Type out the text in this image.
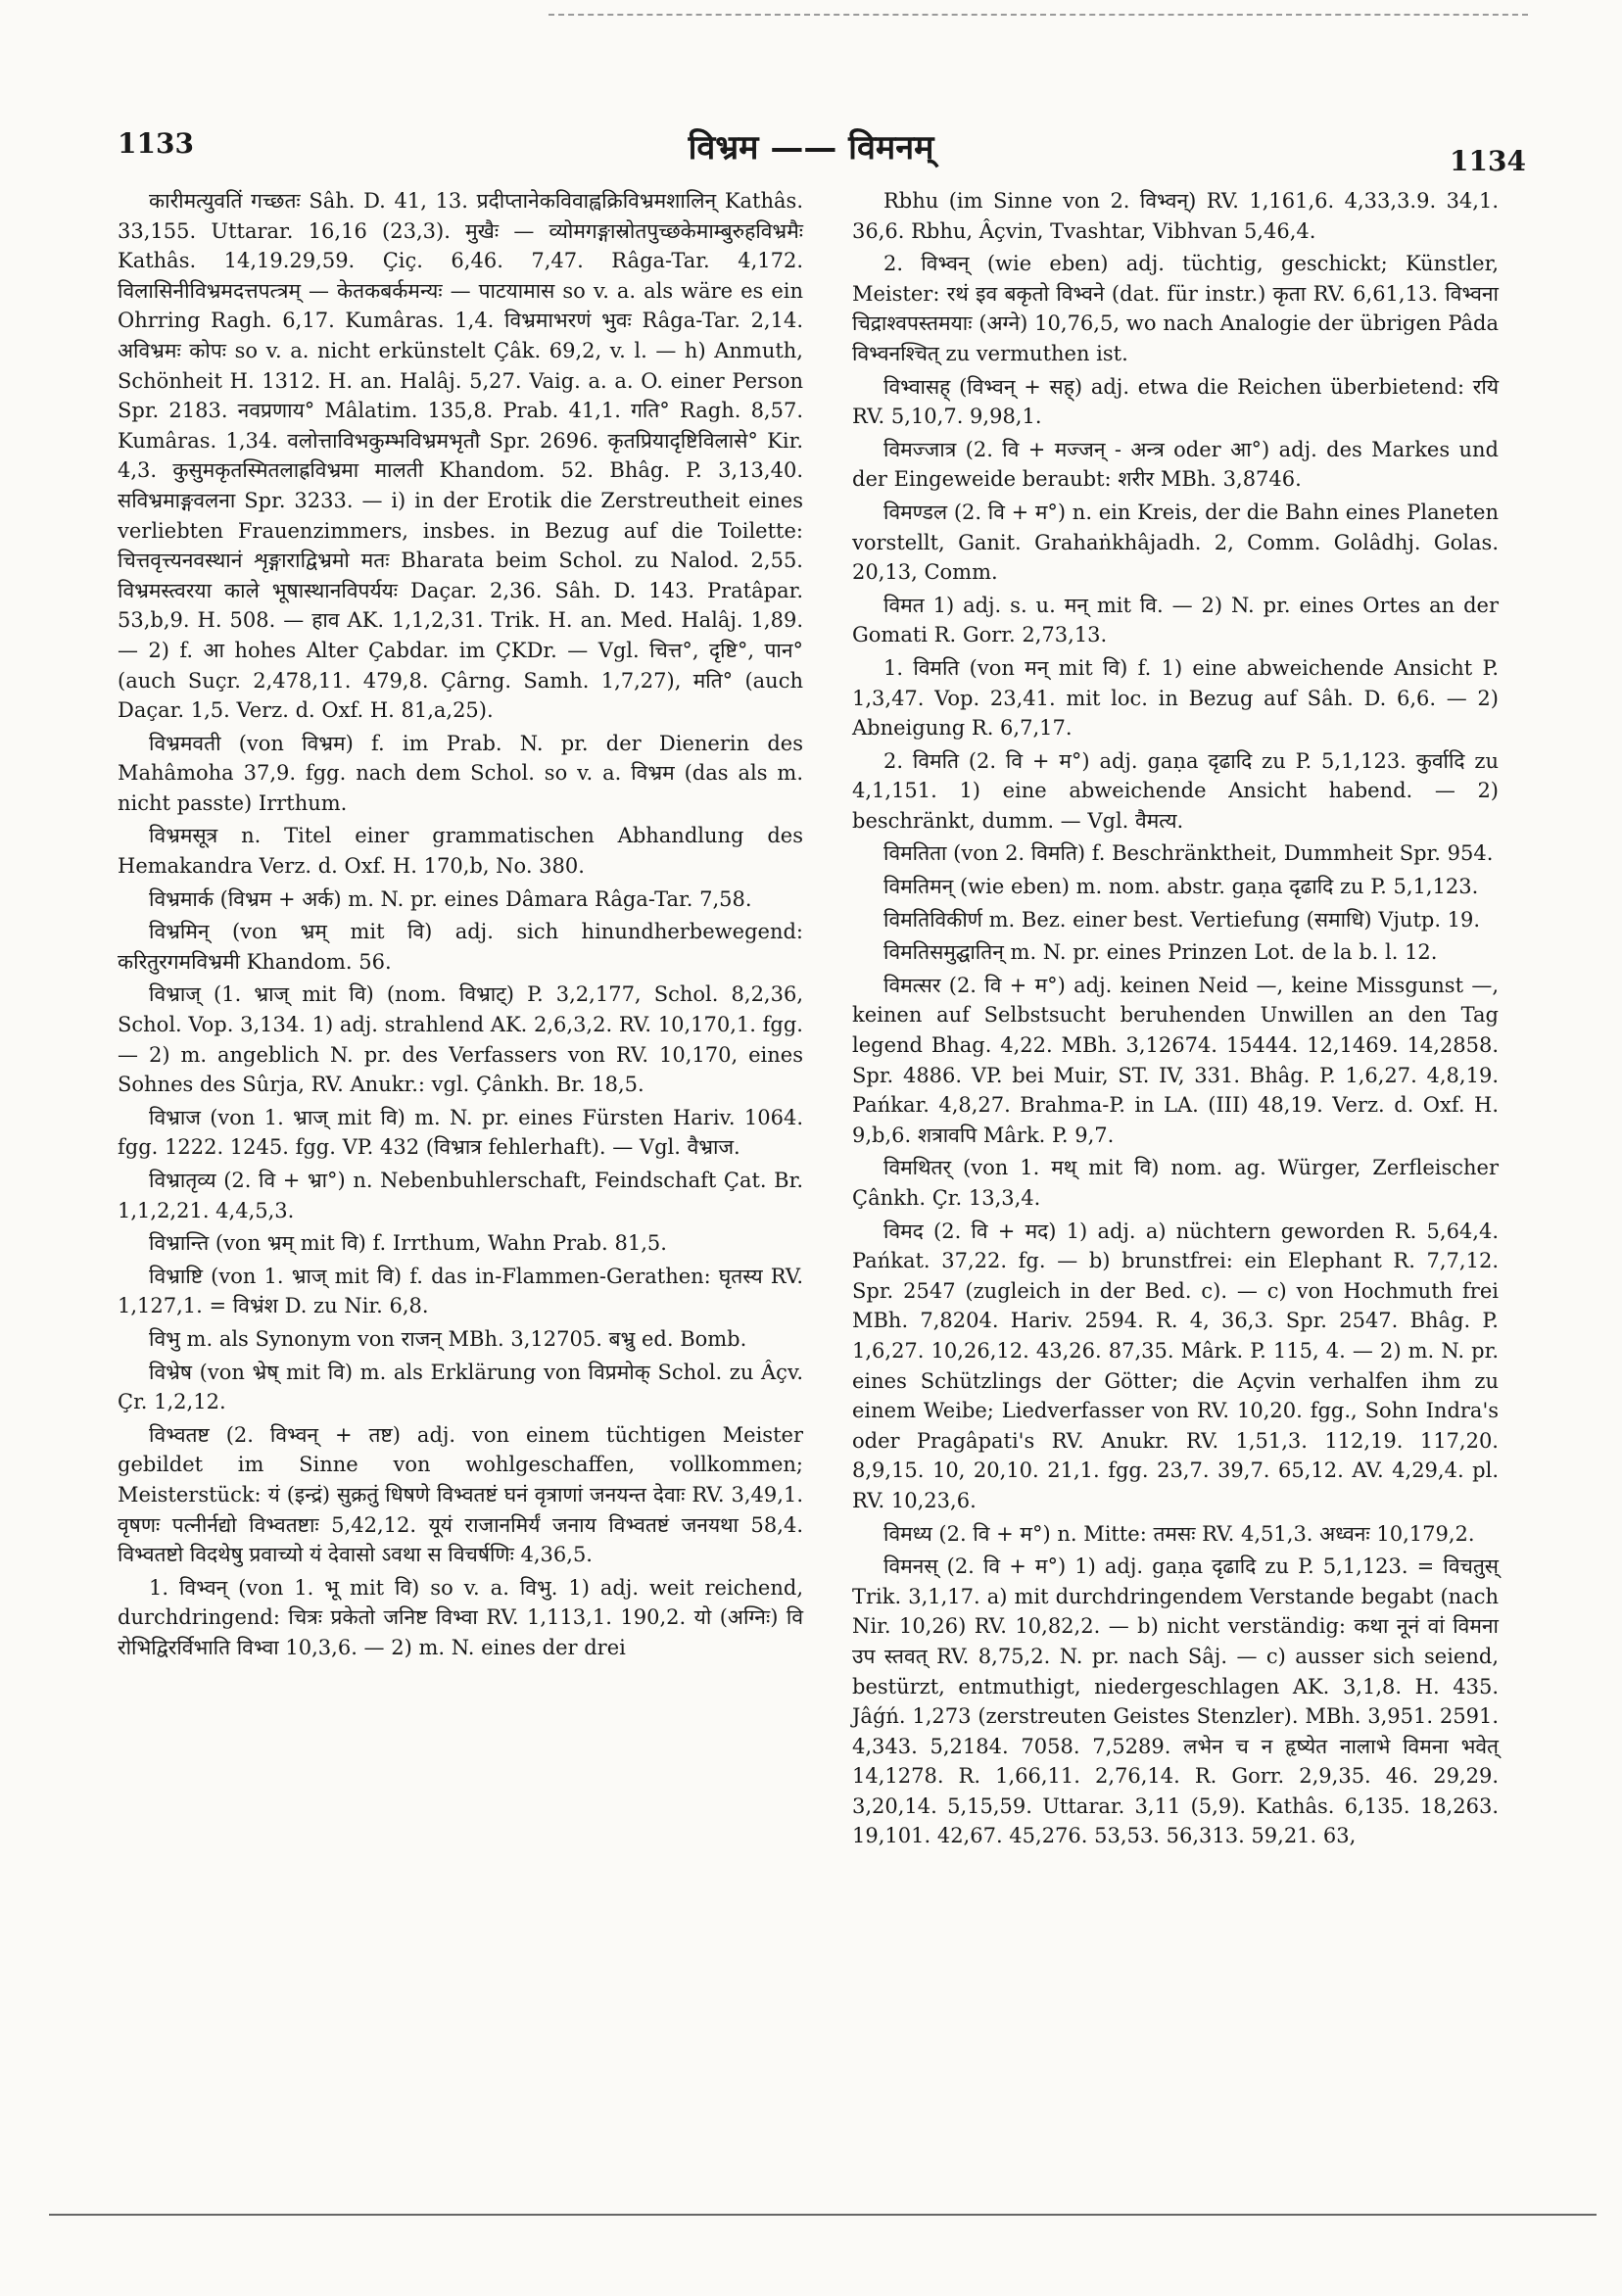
1133	विभ्रम —— विमनम्	1134

कारीमत्युवतिं गच्छतः Sâh. D. 41, 13. प्रदीप्तानेकविवाह्वक्रिविभ्रमशालिन् Kathâs. 33,155. Uttarar. 16,16 (23,3). मुखैः — व्योमगङ्गास्रोतपुच्छकेमाम्बुरुहविभ्रमैः Kathâs. 14,19.29,59. Çiç. 6,46. 7,47. Râga-Tar. 4,172. विलासिनीविभ्रमदत्तपत्त्रम् — केतकबर्कमन्यः — पाटयामास so v. a. als wäre es ein Ohrring Ragh. 6,17. Kumâras. 1,4. विभ्रमाभरणं भुवः Râga-Tar. 2,14. अविभ्रमः कोपः so v. a. nicht erkünstelt Çâk. 69,2, v. l. — h) Anmuth, Schönheit H. 1312. H. an. Halâj. 5,27. Vaig. a. a. O. einer Person Spr. 2183. नवप्रणाय° Mâlatim. 135,8. Prab. 41,1. गति° Ragh. 8,57. Kumâras. 1,34. वलोत्ताविभकुम्भविभ्रमभृतौ Spr. 2696. कृतप्रियादृष्टिविलासे° Kir. 4,3. कुसुमकृतस्मितलाह्रविभ्रमा मालती Khandom. 52. Bhâg. P. 3,13,40. सविभ्रमाङ्गवलना Spr. 3233. — i) in der Erotik die Zerstreutheit eines verliebten Frauenzimmers, insbes. in Bezug auf die Toilette: चित्तवृत्त्यनवस्थानं शृङ्गाराद्विभ्रमो मतः Bharata beim Schol. zu Nalod. 2,55. विभ्रमस्त्वरया काले भूषास्थानविपर्ययः Daçar. 2,36. Sâh. D. 143. Pratâpar. 53,b,9. H. 508. — हाव AK. 1,1,2,31. Trik. H. an. Med. Halâj. 1,89. — 2) f. आ hohes Alter Çabdar. im ÇKDr. — Vgl. चित्त°, दृष्टि°, पान° (auch Suçr. 2,478,11. 479,8. Çârng. Samh. 1,7,27), मति° (auch Daçar. 1,5. Verz. d. Oxf. H. 81,a,25).

विभ्रमवती (von विभ्रम) f. im Prab. N. pr. der Dienerin des Mahâmoha 37,9. fgg. nach dem Schol. so v. a. विभ्रम (das als m. nicht passte) Irrthum.

विभ्रमसूत्र n. Titel einer grammatischen Abhandlung des Hemakandra Verz. d. Oxf. H. 170,b, No. 380.

विभ्रमार्क (विभ्रम + अर्क) m. N. pr. eines Dâmara Râga-Tar. 7,58.

विभ्रमिन् (von भ्रम् mit वि) adj. sich hinundherbewegend: करितुरगमविभ्रमी Khandom. 56.

विभ्राज् (1. भ्राज् mit वि) (nom. विभ्राट्) P. 3,2,177, Schol. 8,2,36, Schol. Vop. 3,134. 1) adj. strahlend AK. 2,6,3,2. RV. 10,170,1. fgg. — 2) m. angeblich N. pr. des Verfassers von RV. 10,170, eines Sohnes des Sûrja, RV. Anukr.: vgl. Çânkh. Br. 18,5.

विभ्राज (von 1. भ्राज् mit वि) m. N. pr. eines Fürsten Hariv. 1064. fgg. 1222. 1245. fgg. VP. 432 (विभ्रात्र fehlerhaft). — Vgl. वैभ्राज.

विभ्रातृव्य (2. वि + भ्रा°) n. Nebenbuhlerschaft, Feindschaft Çat. Br. 1,1,2,21. 4,4,5,3.

विभ्रान्ति (von भ्रम् mit वि) f. Irrthum, Wahn Prab. 81,5.

विभ्राष्टि (von 1. भ्राज् mit वि) f. das in-Flammen-Gerathen: घृतस्य RV. 1,127,1. = विभ्रंश D. zu Nir. 6,8.

विभु m. als Synonym von राजन् MBh. 3,12705. बभ्रु ed. Bomb.

विभ्रेष (von भ्रेष् mit वि) m. als Erklärung von विप्रमोक् Schol. zu Âçv. Çr. 1,2,12.

विभ्वतष्ट (2. विभ्वन् + तष्ट) adj. von einem tüchtigen Meister gebildet im Sinne von wohlgeschaffen, vollkommen; Meisterstück: यं (इन्द्रं) सुक्रतुं धिषणे विभ्वतष्टं घनं वृत्राणां जनयन्त देवाः RV. 3,49,1. वृषणः पत्नीर्नद्यो विभ्वतष्टाः 5,42,12. यूयं राजानमिर्यं जनाय विभ्वतष्टं जनयथा 58,4. विभ्वतष्टो विदथेषु प्रवाच्यो यं देवासो ऽवथा स विचर्षणिः 4,36,5.

1. विभ्वन् (von 1. भू mit वि) so v. a. विभु. 1) adj. weit reichend, durchdringend: चित्रः प्रकेतो जनिष्ट विभ्वा RV. 1,113,1. 190,2. यो (अग्निः) वि रोभिद्विरर्विभाति विभ्वा 10,3,6. — 2) m. N. eines der drei

Rbhu (im Sinne von 2. विभ्वन्) RV. 1,161,6. 4,33,3.9. 34,1. 36,6. Rbhu, Âçvin, Tvashtar, Vibhvan 5,46,4.

2. विभ्वन् (wie eben) adj. tüchtig, geschickt; Künstler, Meister: रथं इव बकृतो विभ्वने (dat. für instr.) कृता RV. 6,61,13. विभ्वना चिद्राश्वपस्तमयाः (अग्ने) 10,76,5, wo nach Analogie der übrigen Pâda विभ्वनश्चित् zu vermuthen ist.

विभ्वासह् (विभ्वन् + सह्) adj. etwa die Reichen überbietend: रयि RV. 5,10,7. 9,98,1.

विमज्जात्र (2. वि + मज्जन् - अन्त्र oder आ°) adj. des Markes und der Eingeweide beraubt: शरीर MBh. 3,8746.

विमण्डल (2. वि + म°) n. ein Kreis, der die Bahn eines Planeten vorstellt, Ganit. Grahaṅkhâjadh. 2, Comm. Golâdhj. Golas. 20,13, Comm.

विमत 1) adj. s. u. मन् mit वि. — 2) N. pr. eines Ortes an der Gomati R. Gorr. 2,73,13.

1. विमति (von मन् mit वि) f. 1) eine abweichende Ansicht P. 1,3,47. Vop. 23,41. mit loc. in Bezug auf Sâh. D. 6,6. — 2) Abneigung R. 6,7,17.

2. विमति (2. वि + म°) adj. gaṇa दृढादि zu P. 5,1,123. कुर्वादि zu 4,1,151. 1) eine abweichende Ansicht habend. — 2) beschränkt, dumm. — Vgl. वैमत्य.

विमतिता (von 2. विमति) f. Beschränktheit, Dummheit Spr. 954.

विमतिमन् (wie eben) m. nom. abstr. gaṇa दृढादि zu P. 5,1,123.

विमतिविकीर्ण m. Bez. einer best. Vertiefung (समाधि) Vjutp. 19.

विमतिसमुद्घातिन् m. N. pr. eines Prinzen Lot. de la b. l. 12.

विमत्सर (2. वि + म°) adj. keinen Neid —, keine Missgunst —, keinen auf Selbstsucht beruhenden Unwillen an den Tag legend Bhag. 4,22. MBh. 3,12674. 15444. 12,1469. 14,2858. Spr. 4886. VP. bei Muir, ST. IV, 331. Bhâg. P. 1,6,27. 4,8,19. Pańkar. 4,8,27. Brahma-P. in LA. (III) 48,19. Verz. d. Oxf. H. 9,b,6. शत्रावपि Mârk. P. 9,7.

विमथितर् (von 1. मथ् mit वि) nom. ag. Würger, Zerfleischer Çânkh. Çr. 13,3,4.

विमद (2. वि + मद) 1) adj. a) nüchtern geworden R. 5,64,4. Pańkat. 37,22. fg. — b) brunstfrei: ein Elephant R. 7,7,12. Spr. 2547 (zugleich in der Bed. c). — c) von Hochmuth frei MBh. 7,8204. Hariv. 2594. R. 4, 36,3. Spr. 2547. Bhâg. P. 1,6,27. 10,26,12. 43,26. 87,35. Mârk. P. 115, 4. — 2) m. N. pr. eines Schützlings der Götter; die Açvin verhalfen ihm zu einem Weibe; Liedverfasser von RV. 10,20. fgg., Sohn Indra's oder Pragâpati's RV. Anukr. RV. 1,51,3. 112,19. 117,20. 8,9,15. 10, 20,10. 21,1. fgg. 23,7. 39,7. 65,12. AV. 4,29,4. pl. RV. 10,23,6.

विमध्य (2. वि + म°) n. Mitte: तमसः RV. 4,51,3. अध्वनः 10,179,2.

विमनस् (2. वि + म°) 1) adj. gaṇa दृढादि zu P. 5,1,123. = विचतुस् Trik. 3,1,17. a) mit durchdringendem Verstande begabt (nach Nir. 10,26) RV. 10,82,2. — b) nicht verständig: कथा नूनं वां विमना उप स्तवत् RV. 8,75,2. N. pr. nach Sâj. — c) ausser sich seiend, bestürzt, entmuthigt, niedergeschlagen AK. 3,1,8. H. 435. Jâǵń. 1,273 (zerstreuten Geistes Stenzler). MBh. 3,951. 2591. 4,343. 5,2184. 7058. 7,5289. लभेन च न हृष्येत नालाभे विमना भवेत् 14,1278. R. 1,66,11. 2,76,14. R. Gorr. 2,9,35. 46. 29,29. 3,20,14. 5,15,59. Uttarar. 3,11 (5,9). Kathâs. 6,135. 18,263. 19,101. 42,67. 45,276. 53,53. 56,313. 59,21. 63,
